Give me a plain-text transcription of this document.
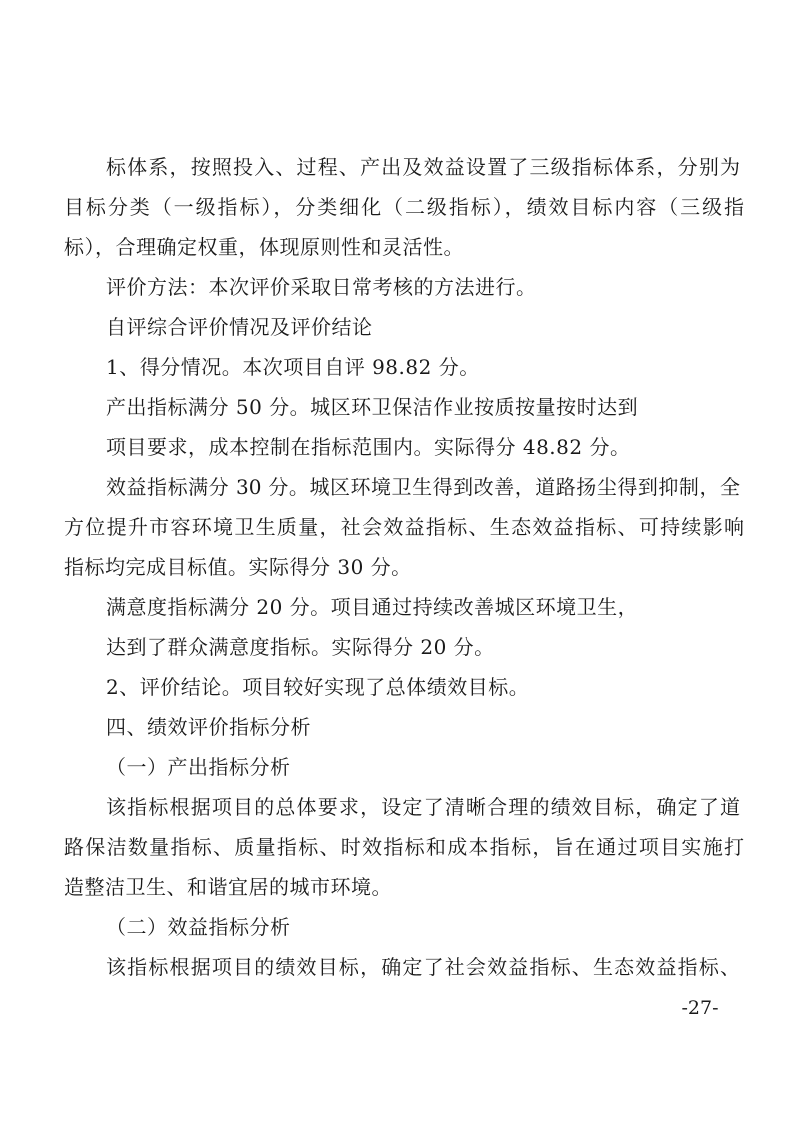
标体系，按照投入、过程、产出及效益设置了三级指标体系，分别为
目标分类（一级指标），分类细化（二级指标），绩效目标内容（三级指
标），合理确定权重，体现原则性和灵活性。
评价方法：本次评价采取日常考核的方法进行。
自评综合评价情况及评价结论
1、得分情况。本次项目自评 98.82 分。
产出指标满分 50 分。城区环卫保洁作业按质按量按时达到
项目要求，成本控制在指标范围内。实际得分 48.82 分。
效益指标满分 30 分。城区环境卫生得到改善，道路扬尘得到抑制，全
方位提升市容环境卫生质量，社会效益指标、生态效益指标、可持续影响
指标均完成目标值。实际得分 30 分。
满意度指标满分 20 分。项目通过持续改善城区环境卫生，
达到了群众满意度指标。实际得分 20 分。
2、评价结论。项目较好实现了总体绩效目标。
四、绩效评价指标分析
（一）产出指标分析
该指标根据项目的总体要求，设定了清晰合理的绩效目标，确定了道
路保洁数量指标、质量指标、时效指标和成本指标，旨在通过项目实施打
造整洁卫生、和谐宜居的城市环境。
（二）效益指标分析
该指标根据项目的绩效目标，确定了社会效益指标、生态效益指标、
-27-
